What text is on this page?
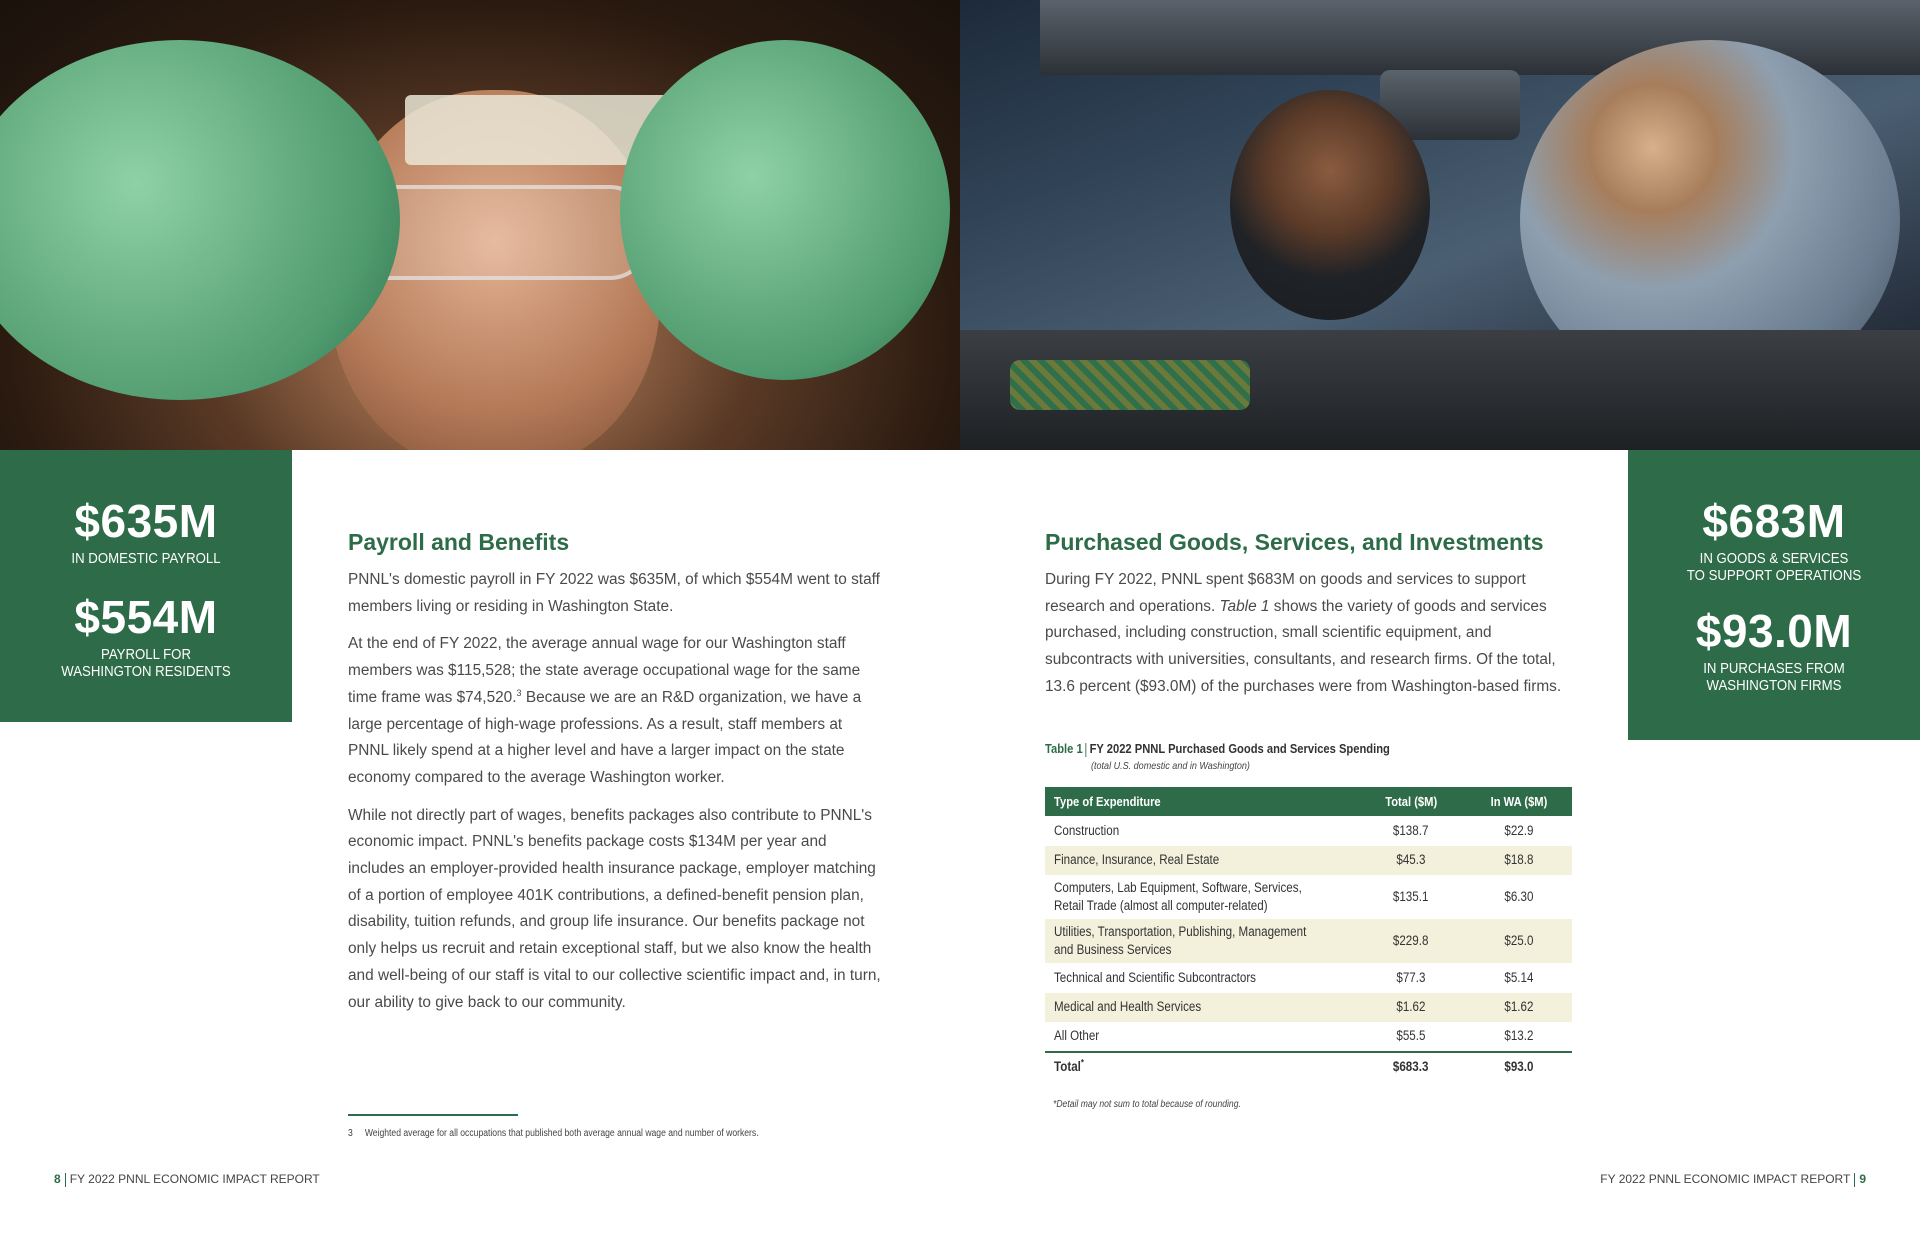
$635M
IN DOMESTIC PAYROLL
$554M
PAYROLL FOR
WASHINGTON RESIDENTS
$683M
IN GOODS & SERVICES
TO SUPPORT OPERATIONS
$93.0M
IN PURCHASES FROM
WASHINGTON FIRMS
Payroll and Benefits

PNNL's domestic payroll in FY 2022 was $635M, of which $554M went to staff members living or residing in Washington State.

At the end of FY 2022, the average annual wage for our Washington staff members was $115,528; the state average occupational wage for the same time frame was $74,520.$^3$ Because we are an R&D organization, we have a large percentage of high-wage professions. As a result, staff members at PNNL likely spend at a higher level and have a larger impact on the state economy compared to the average Washington worker.

While not directly part of wages, benefits packages also contribute to PNNL's economic impact. PNNL's benefits package costs $134M per year and includes an employer-provided health insurance package, employer matching of a portion of employee 401K contributions, a defined-benefit pension plan, disability, tuition refunds, and group life insurance. Our benefits package not only helps us recruit and retain exceptional staff, but we also know the health and well-being of our staff is vital to our collective scientific impact and, in turn, our ability to give back to our community.

Purchased Goods, Services, and Investments

During FY 2022, PNNL spent $683M on goods and services to support research and operations. Table 1 shows the variety of goods and services purchased, including construction, small scientific equipment, and subcontracts with universities, consultants, and research firms. Of the total, 13.6 percent ($93.0M) of the purchases were from Washington-based firms.

Table 1 FY 2022 PNNL Purchased Goods and Services Spending
(total U.S. domestic and in Washington)
Type of Expenditure	Total ($M)	In WA ($M)
Construction	$138.7	$22.9
Finance, Insurance, Real Estate	$45.3	$18.8
Computers, Lab Equipment, Software, Services,
Retail Trade (almost all computer-related)	$135.1	$6.30
Utilities, Transportation, Publishing, Management
and Business Services	$229.8	$25.0
Technical and Scientific Subcontractors	$77.3	$5.14
Medical and Health Services	$1.62	$1.62
All Other	$55.5	$13.2
Total*	$683.3	$93.0
*Detail may not sum to total because of rounding.
3 Weighted average for all occupations that published both average annual wage and number of workers.
8 FY 2022 PNNL ECONOMIC IMPACT REPORT	FY 2022 PNNL ECONOMIC IMPACT REPORT 9
